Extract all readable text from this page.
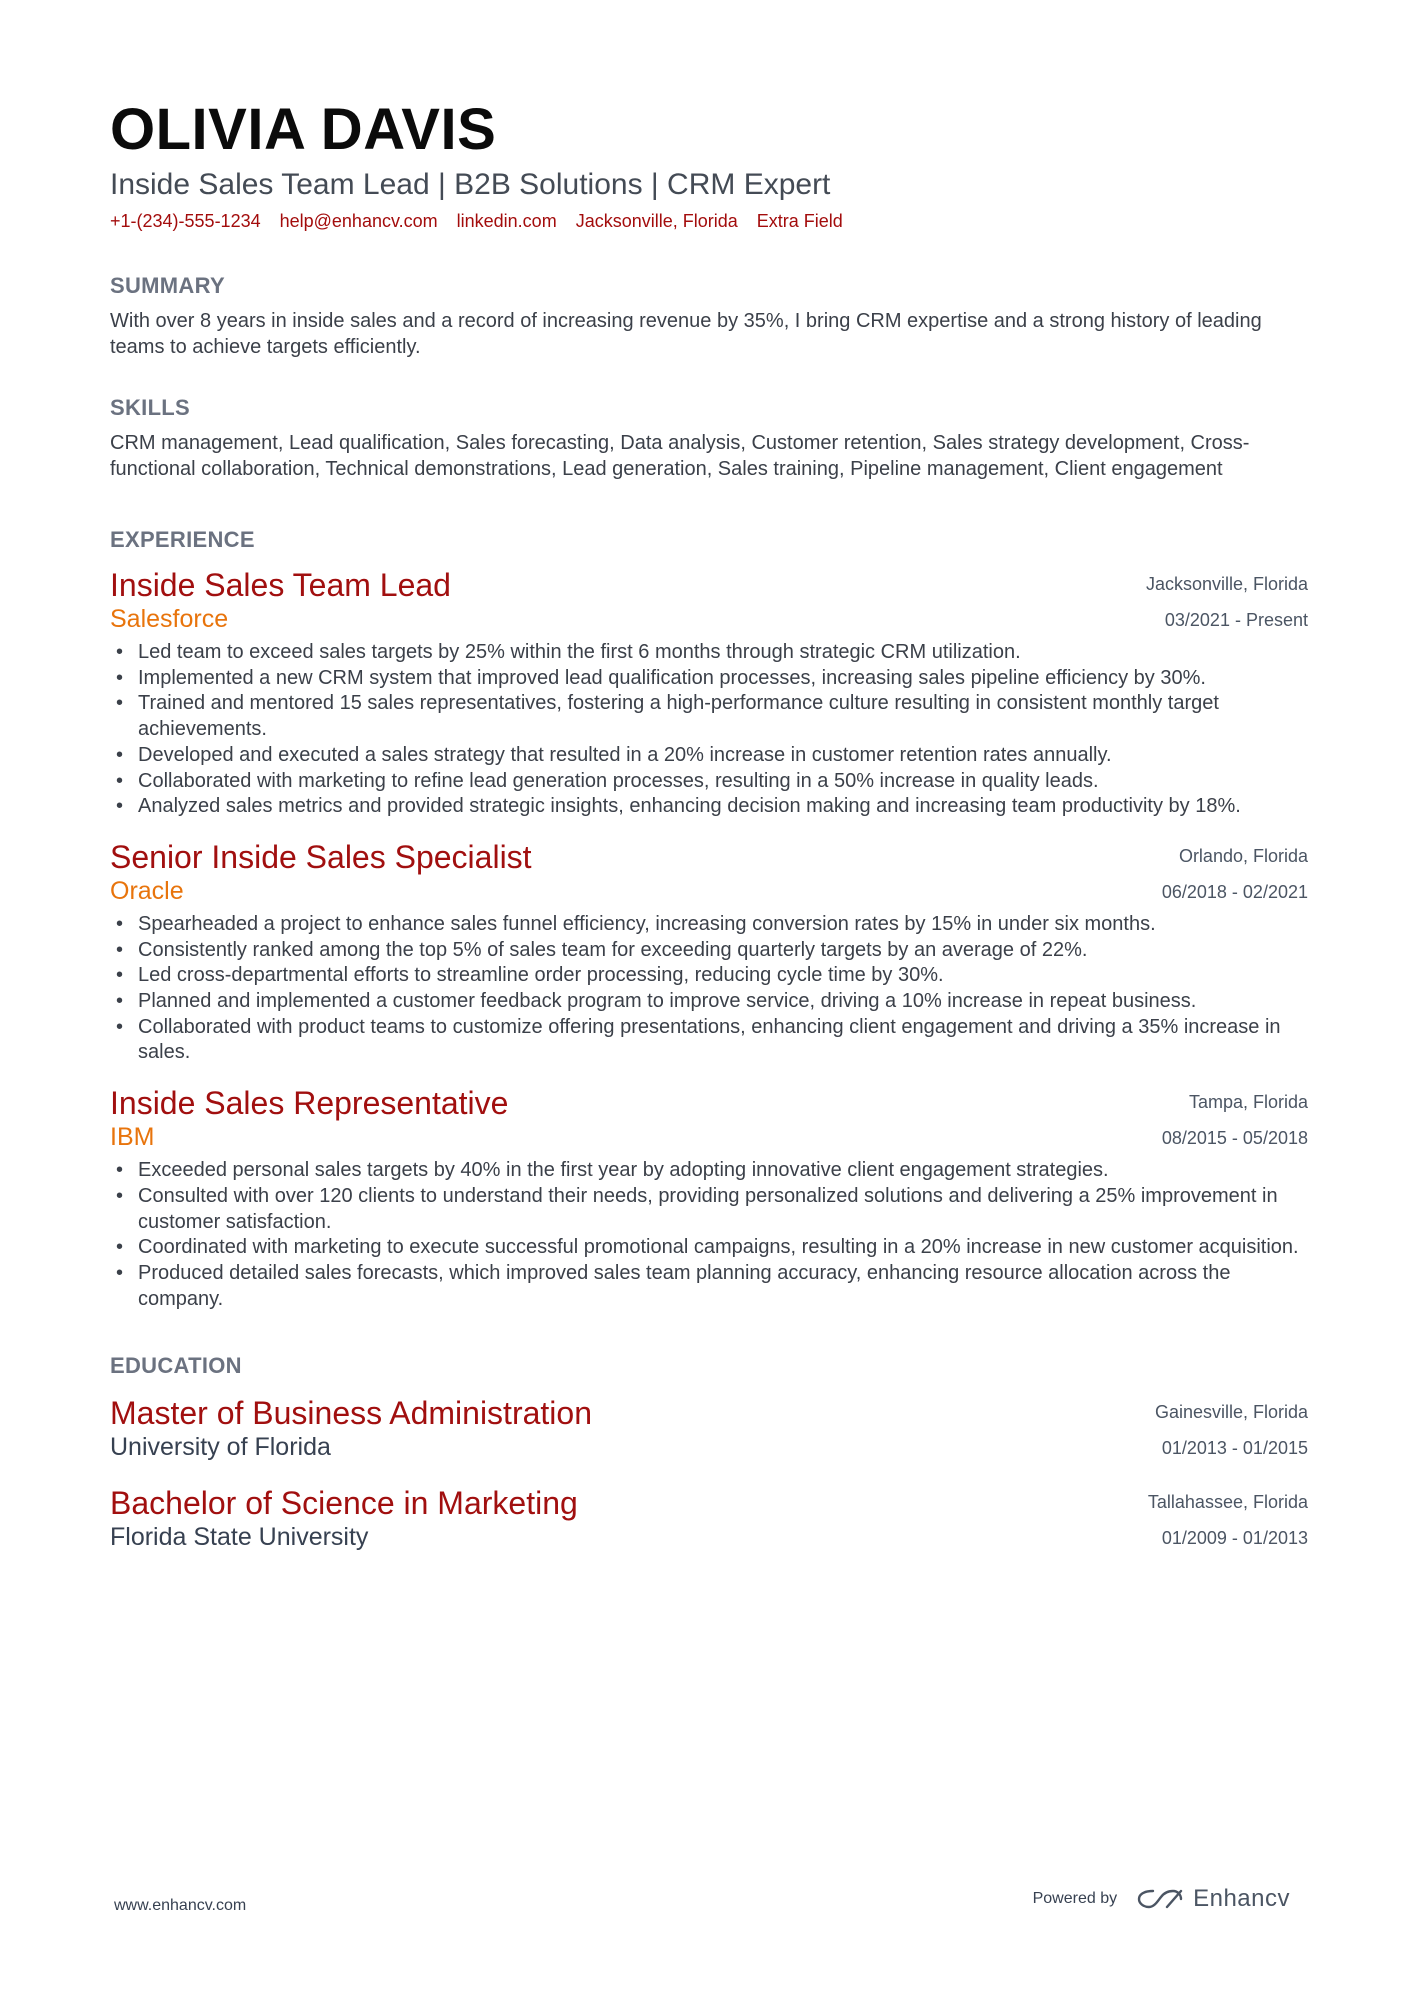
OLIVIA DAVIS
Inside Sales Team Lead | B2B Solutions | CRM Expert
+1-(234)-555-1234 help@enhancv.com linkedin.com Jacksonville, Florida Extra Field
SUMMARY
With over 8 years in inside sales and a record of increasing revenue by 35%, I bring CRM expertise and a strong history of leading teams to achieve targets efficiently.
SKILLS
CRM management, Lead qualification, Sales forecasting, Data analysis, Customer retention, Sales strategy development, Cross-functional collaboration, Technical demonstrations, Lead generation, Sales training, Pipeline management, Client engagement
EXPERIENCE
Inside Sales Team Lead
Salesforce
Jacksonville, Florida
03/2021 - Present
• Led team to exceed sales targets by 25% within the first 6 months through strategic CRM utilization.
• Implemented a new CRM system that improved lead qualification processes, increasing sales pipeline efficiency by 30%.
• Trained and mentored 15 sales representatives, fostering a high-performance culture resulting in consistent monthly target achievements.
• Developed and executed a sales strategy that resulted in a 20% increase in customer retention rates annually.
• Collaborated with marketing to refine lead generation processes, resulting in a 50% increase in quality leads.
• Analyzed sales metrics and provided strategic insights, enhancing decision making and increasing team productivity by 18%.
Senior Inside Sales Specialist
Oracle
Orlando, Florida
06/2018 - 02/2021
• Spearheaded a project to enhance sales funnel efficiency, increasing conversion rates by 15% in under six months.
• Consistently ranked among the top 5% of sales team for exceeding quarterly targets by an average of 22%.
• Led cross-departmental efforts to streamline order processing, reducing cycle time by 30%.
• Planned and implemented a customer feedback program to improve service, driving a 10% increase in repeat business.
• Collaborated with product teams to customize offering presentations, enhancing client engagement and driving a 35% increase in sales.
Inside Sales Representative
IBM
Tampa, Florida
08/2015 - 05/2018
• Exceeded personal sales targets by 40% in the first year by adopting innovative client engagement strategies.
• Consulted with over 120 clients to understand their needs, providing personalized solutions and delivering a 25% improvement in customer satisfaction.
• Coordinated with marketing to execute successful promotional campaigns, resulting in a 20% increase in new customer acquisition.
• Produced detailed sales forecasts, which improved sales team planning accuracy, enhancing resource allocation across the company.
EDUCATION
Master of Business Administration
University of Florida
Gainesville, Florida
01/2013 - 01/2015
Bachelor of Science in Marketing
Florida State University
Tallahassee, Florida
01/2009 - 01/2013
www.enhancv.com	Powered by	Enhancv
